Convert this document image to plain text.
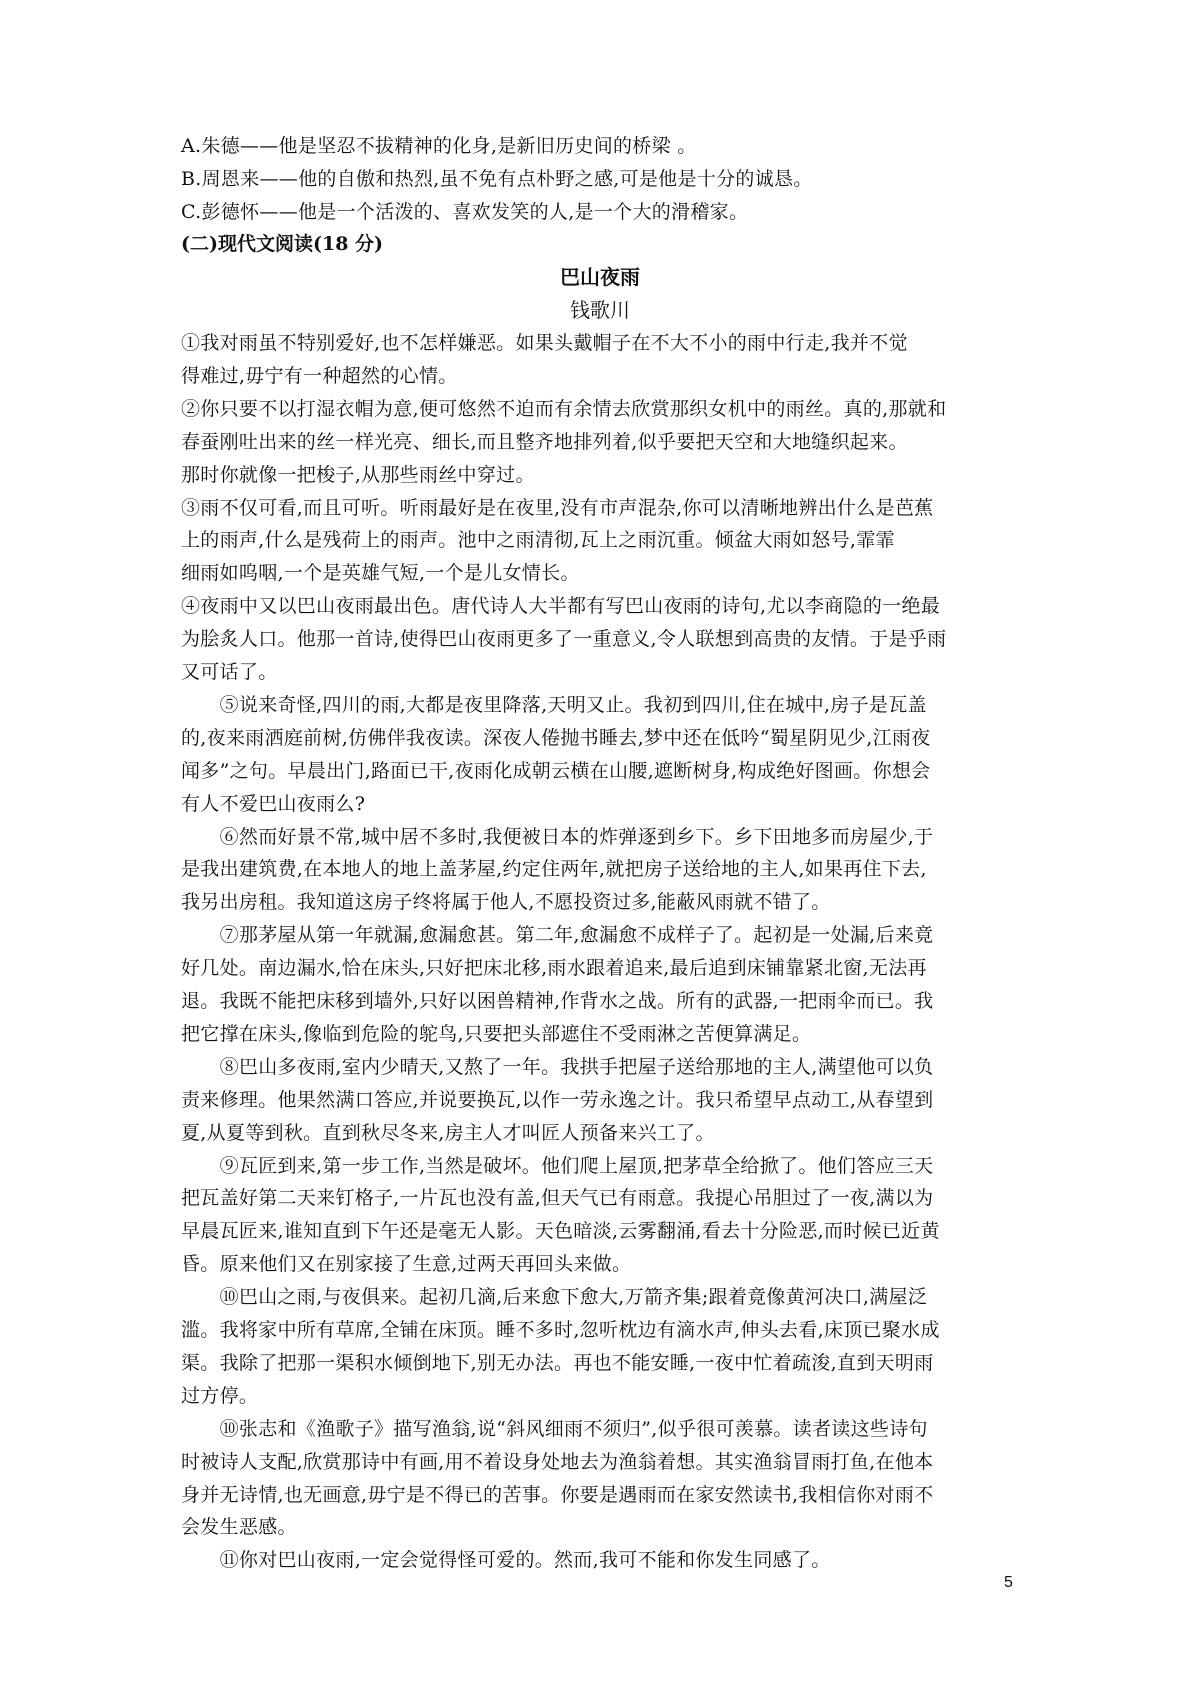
A.朱德——他是坚忍不拔精神的化身,是新旧历史间的桥梁 。
B.周恩来——他的自傲和热烈,虽不免有点朴野之感,可是他是十分的诚恳。
C.彭德怀——他是一个活泼的、喜欢发笑的人,是一个大的滑稽家。
(二)现代文阅读(18 分)
巴山夜雨
钱歌川
①我对雨虽不特别爱好,也不怎样嫌恶。如果头戴帽子在不大不小的雨中行走,我并不觉
得难过,毋宁有一种超然的心情。
②你只要不以打湿衣帽为意,便可悠然不迫而有余情去欣赏那织女机中的雨丝。真的,那就和
春蚕刚吐出来的丝一样光亮、细长,而且整齐地排列着,似乎要把天空和大地缝织起来。
那时你就像一把梭子,从那些雨丝中穿过。
③雨不仅可看,而且可听。听雨最好是在夜里,没有市声混杂,你可以清晰地辨出什么是芭蕉
上的雨声,什么是残荷上的雨声。池中之雨清彻,瓦上之雨沉重。倾盆大雨如怒号,霏霏
细雨如呜咽,一个是英雄气短,一个是儿女情长。
④夜雨中又以巴山夜雨最出色。唐代诗人大半都有写巴山夜雨的诗句,尤以李商隐的一绝最
为脍炙人口。他那一首诗,使得巴山夜雨更多了一重意义,令人联想到高贵的友情。于是乎雨
又可话了。
　　⑤说来奇怪,四川的雨,大都是夜里降落,天明又止。我初到四川,住在城中,房子是瓦盖
的,夜来雨洒庭前树,仿佛伴我夜读。深夜人倦抛书睡去,梦中还在低吟“蜀星阴见少,江雨夜
闻多”之句。早晨出门,路面已干,夜雨化成朝云横在山腰,遮断树身,构成绝好图画。你想会
有人不爱巴山夜雨么?
　　⑥然而好景不常,城中居不多时,我便被日本的炸弹逐到乡下。乡下田地多而房屋少,于
是我出建筑费,在本地人的地上盖茅屋,约定住两年,就把房子送给地的主人,如果再住下去,
我另出房租。我知道这房子终将属于他人,不愿投资过多,能蔽风雨就不错了。
　　⑦那茅屋从第一年就漏,愈漏愈甚。第二年,愈漏愈不成样子了。起初是一处漏,后来竟
好几处。南边漏水,恰在床头,只好把床北移,雨水跟着追来,最后追到床铺靠紧北窗,无法再
退。我既不能把床移到墙外,只好以困兽精神,作背水之战。所有的武器,一把雨伞而已。我
把它撑在床头,像临到危险的鸵鸟,只要把头部遮住不受雨淋之苦便算满足。
　　⑧巴山多夜雨,室内少晴天,又熬了一年。我拱手把屋子送给那地的主人,满望他可以负
责来修理。他果然满口答应,并说要换瓦,以作一劳永逸之计。我只希望早点动工,从春望到
夏,从夏等到秋。直到秋尽冬来,房主人才叫匠人预备来兴工了。
　　⑨瓦匠到来,第一步工作,当然是破坏。他们爬上屋顶,把茅草全给掀了。他们答应三天
把瓦盖好第二天来钉格子,一片瓦也没有盖,但天气已有雨意。我提心吊胆过了一夜,满以为
早晨瓦匠来,谁知直到下午还是毫无人影。天色暗淡,云雾翻涌,看去十分险恶,而时候已近黄
昏。原来他们又在别家接了生意,过两天再回头来做。
　　⑩巴山之雨,与夜俱来。起初几滴,后来愈下愈大,万箭齐集;跟着竟像黄河决口,满屋泛
滥。我将家中所有草席,全铺在床顶。睡不多时,忽听枕边有滴水声,伸头去看,床顶已聚水成
渠。我除了把那一渠积水倾倒地下,别无办法。再也不能安睡,一夜中忙着疏浚,直到天明雨
过方停。
　　⑩张志和《渔歌子》描写渔翁,说“斜风细雨不须归”,似乎很可羡慕。读者读这些诗句
时被诗人支配,欣赏那诗中有画,用不着设身处地去为渔翁着想。其实渔翁冒雨打鱼,在他本
身并无诗情,也无画意,毋宁是不得已的苦事。你要是遇雨而在家安然读书,我相信你对雨不
会发生恶感。
　　⑪你对巴山夜雨,一定会觉得怪可爱的。然而,我可不能和你发生同感了。
5
